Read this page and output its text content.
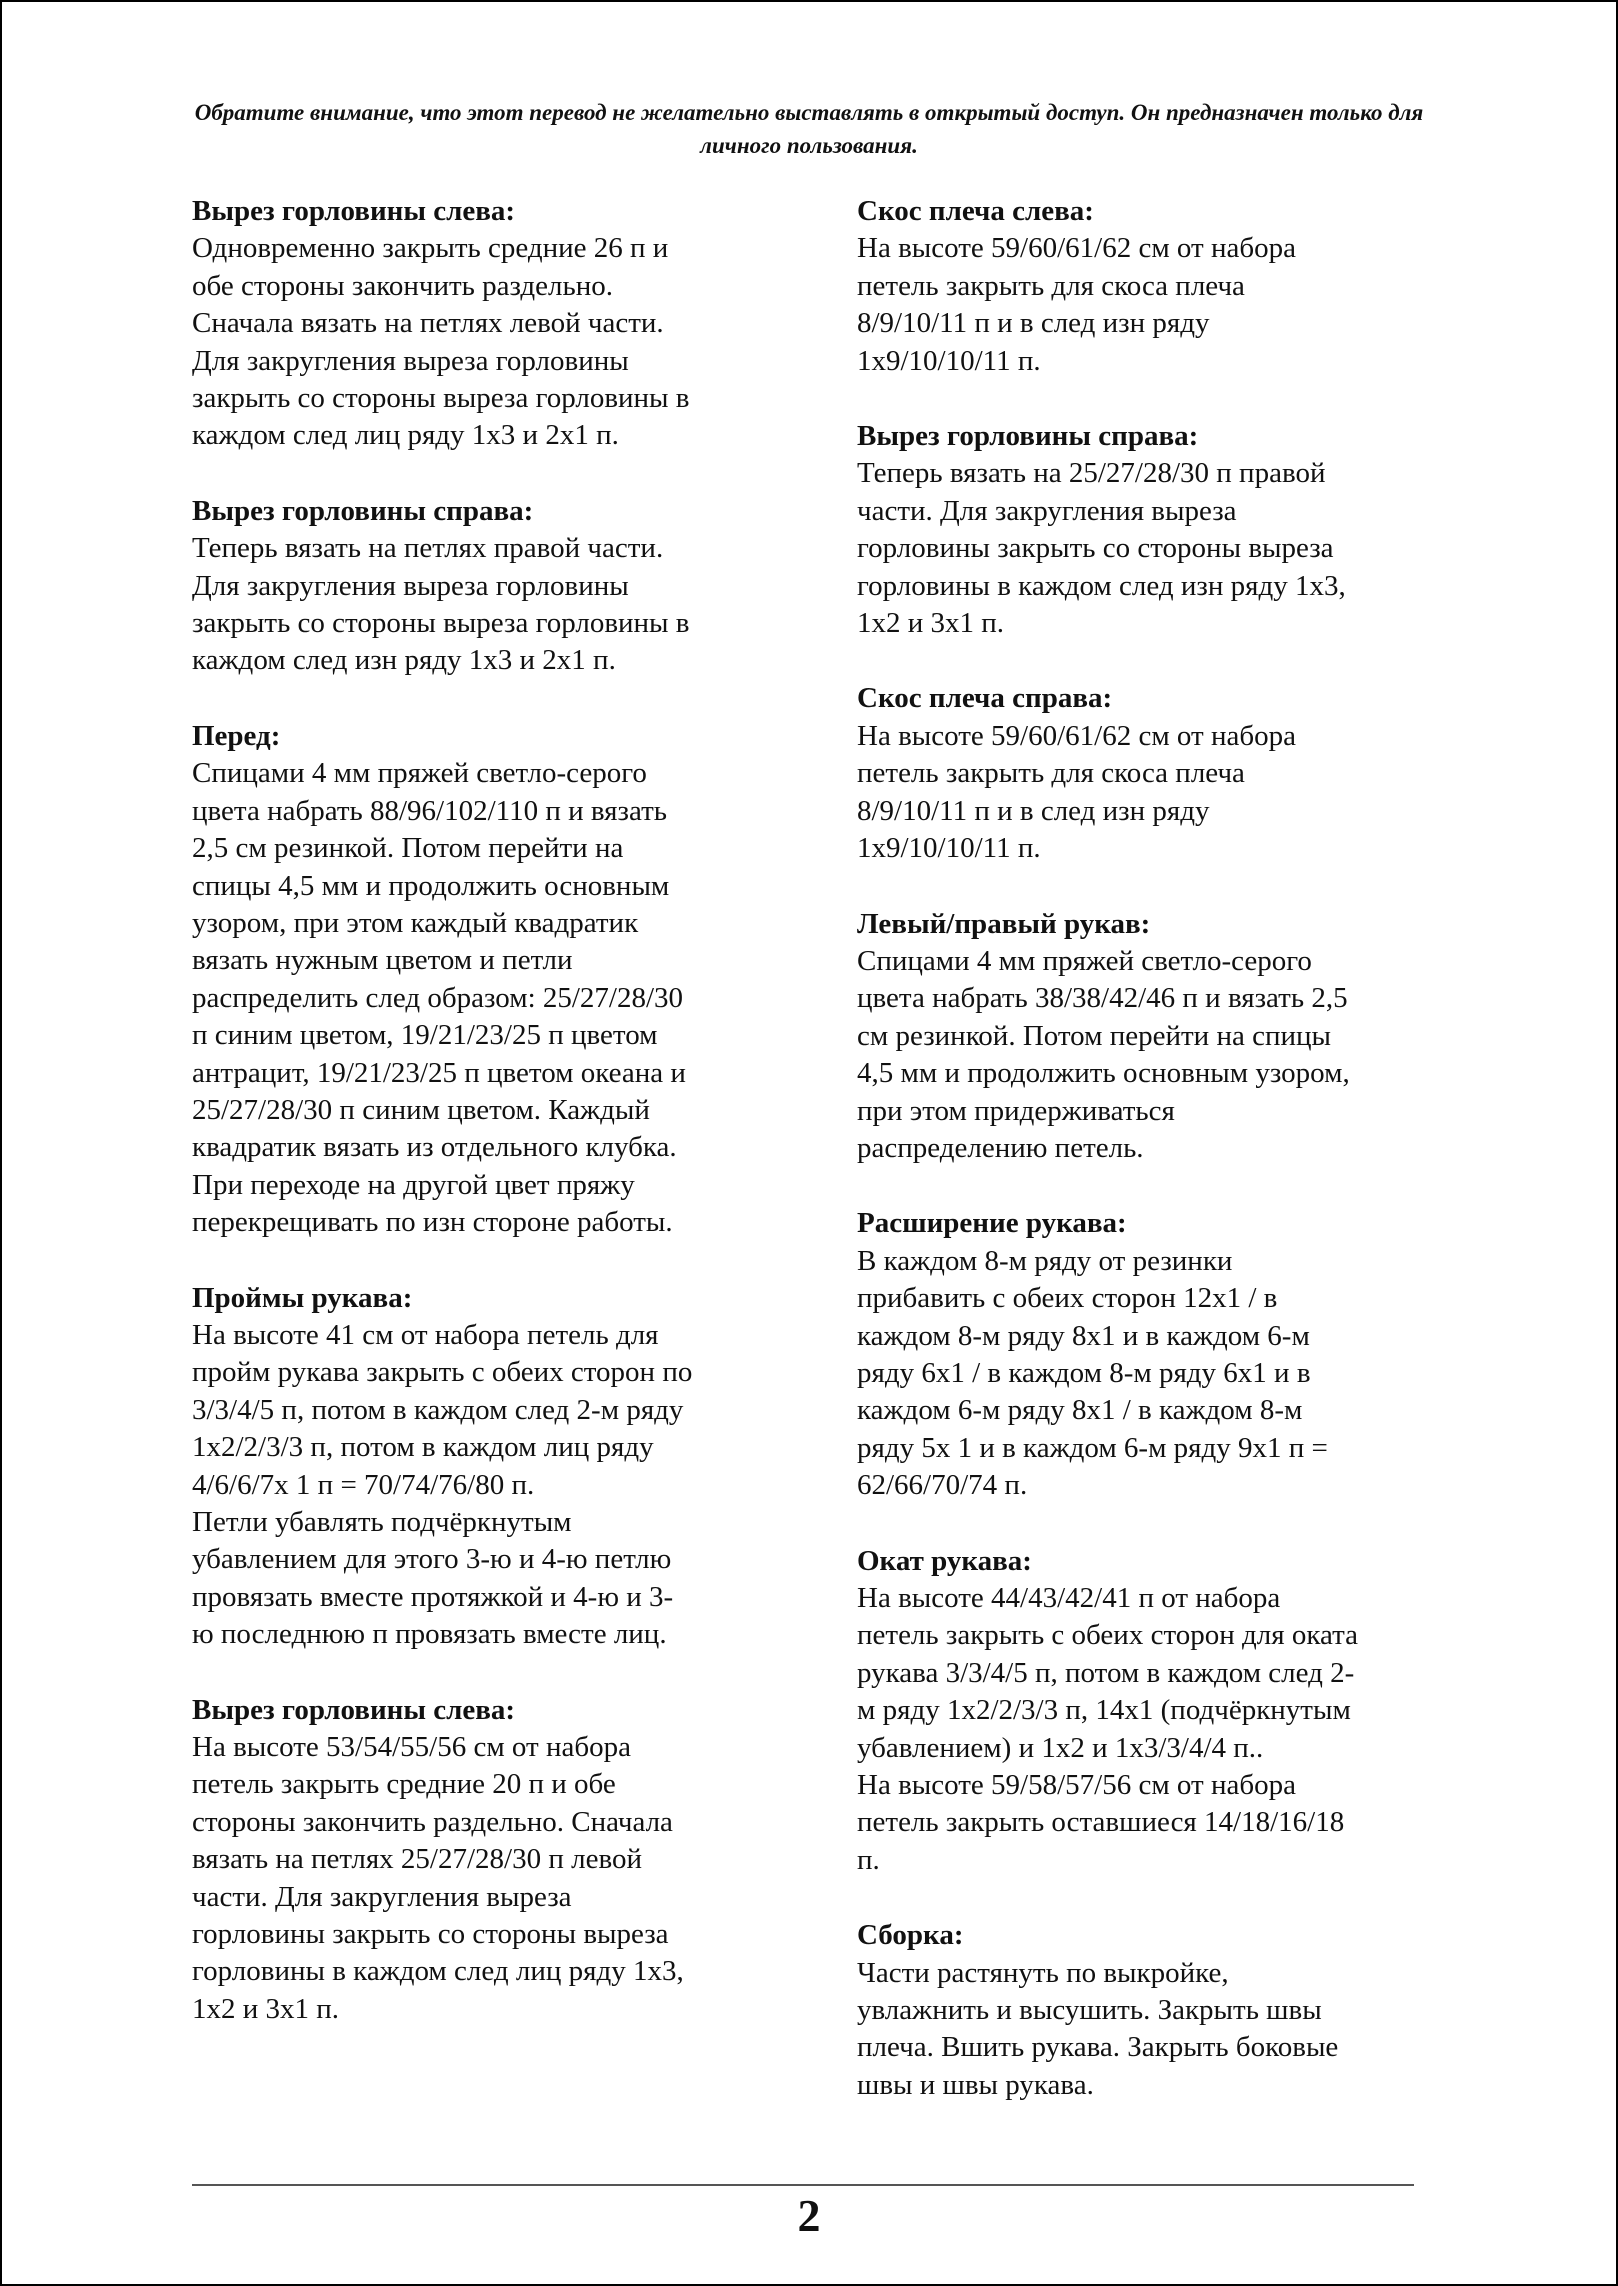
Обратите внимание, что этот перевод не желательно выставлять в открытый доступ. Он предназначен только для личного пользования.
Вырез горловины слева:

Одновременно закрыть средние 26 п и
обе стороны закончить раздельно.
Сначала вязать на петлях левой части.
Для закругления выреза горловины
закрыть со стороны выреза горловины в
каждом след лиц ряду 1х3 и 2х1 п.

Вырез горловины справа:

Теперь вязать на петлях правой части.
Для закругления выреза горловины
закрыть со стороны выреза горловины в
каждом след изн ряду 1х3 и 2х1 п.

Перед:

Спицами 4 мм пряжей светло-серого
цвета набрать 88/96/102/110 п и вязать
2,5 см резинкой. Потом перейти на
спицы 4,5 мм и продолжить основным
узором, при этом каждый квадратик
вязать нужным цветом и петли
распределить след образом: 25/27/28/30
п синим цветом, 19/21/23/25 п цветом
антрацит, 19/21/23/25 п цветом океана и
25/27/28/30 п синим цветом. Каждый
квадратик вязать из отдельного клубка.
При переходе на другой цвет пряжу
перекрещивать по изн стороне работы.

Проймы рукава:

На высоте 41 см от набора петель для
пройм рукава закрыть с обеих сторон по
3/3/4/5 п, потом в каждом след 2-м ряду
1х2/2/3/3 п, потом в каждом лиц ряду
4/6/6/7х 1 п = 70/74/76/80 п.
Петли убавлять подчёркнутым
убавлением для этого 3-ю и 4-ю петлю
провязать вместе протяжкой и 4-ю и 3-
ю последнюю п провязать вместе лиц.

Вырез горловины слева:

На высоте 53/54/55/56 см от набора
петель закрыть средние 20 п и обе
стороны закончить раздельно. Сначала
вязать на петлях 25/27/28/30 п левой
части. Для закругления выреза
горловины закрыть со стороны выреза
горловины в каждом след лиц ряду 1х3,
1х2 и 3х1 п.

Скос плеча слева:

На высоте 59/60/61/62 см от набора
петель закрыть для скоса плеча
8/9/10/11 п и в след изн ряду
1х9/10/10/11 п.

Вырез горловины справа:

Теперь вязать на 25/27/28/30 п правой
части. Для закругления выреза
горловины закрыть со стороны выреза
горловины в каждом след изн ряду 1х3,
1х2 и 3х1 п.

Скос плеча справа:

На высоте 59/60/61/62 см от набора
петель закрыть для скоса плеча
8/9/10/11 п и в след изн ряду
1х9/10/10/11 п.

Левый/правый рукав:

Спицами 4 мм пряжей светло-серого
цвета набрать 38/38/42/46 п и вязать 2,5
см резинкой. Потом перейти на спицы
4,5 мм и продолжить основным узором,
при этом придерживаться
распределению петель.

Расширение рукава:

В каждом 8-м ряду от резинки
прибавить с обеих сторон 12х1 / в
каждом 8-м ряду 8х1 и в каждом 6-м
ряду 6х1 / в каждом 8-м ряду 6х1 и в
каждом 6-м ряду 8х1 / в каждом 8-м
ряду 5х 1 и в каждом 6-м ряду 9х1 п =
62/66/70/74 п.

Окат рукава:

На высоте 44/43/42/41 п от набора
петель закрыть с обеих сторон для оката
рукава 3/3/4/5 п, потом в каждом след 2-
м ряду 1х2/2/3/3 п, 14х1 (подчёркнутым
убавлением) и 1х2 и 1х3/3/4/4 п..
На высоте 59/58/57/56 см от набора
петель закрыть оставшиеся 14/18/16/18
п.

Сборка:

Части растянуть по выкройке,
увлажнить и высушить. Закрыть швы
плеча. Вшить рукава. Закрыть боковые
швы и швы рукава.

2
